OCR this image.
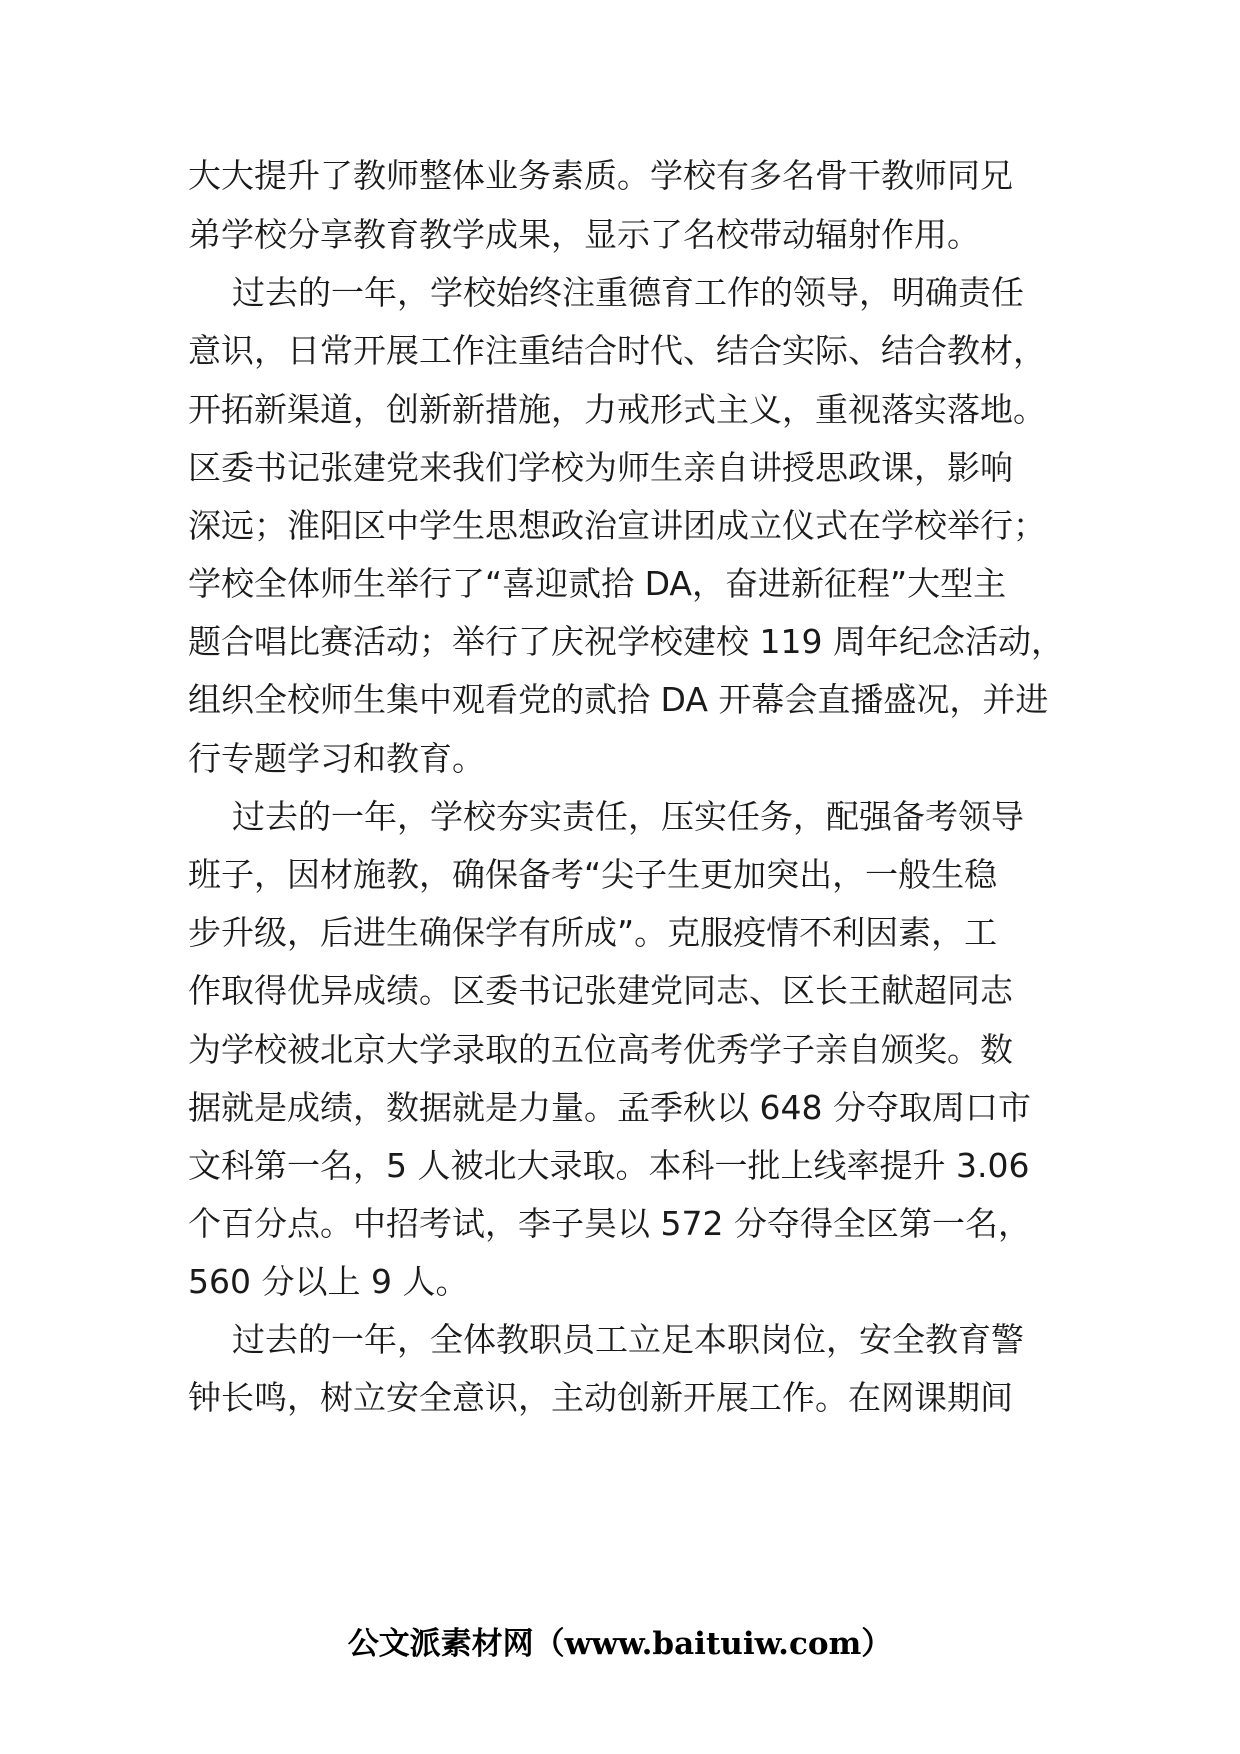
大大提升了教师整体业务素质。学校有多名骨干教师同兄
弟学校分享教育教学成果，显示了名校带动辐射作用。
过去的一年，学校始终注重德育工作的领导，明确责任
意识，日常开展工作注重结合时代、结合实际、结合教材，
开拓新渠道，创新新措施，力戒形式主义，重视落实落地。
区委书记张建党来我们学校为师生亲自讲授思政课，影响
深远；淮阳区中学生思想政治宣讲团成立仪式在学校举行；
学校全体师生举行了“喜迎贰拾 DA，奋进新征程”大型主
题合唱比赛活动；举行了庆祝学校建校 119 周年纪念活动，
组织全校师生集中观看党的贰拾 DA 开幕会直播盛况，并进
行专题学习和教育。
过去的一年，学校夯实责任，压实任务，配强备考领导
班子，因材施教，确保备考“尖子生更加突出，一般生稳
步升级，后进生确保学有所成”。克服疫情不利因素，工
作取得优异成绩。区委书记张建党同志、区长王献超同志
为学校被北京大学录取的五位高考优秀学子亲自颁奖。数
据就是成绩，数据就是力量。孟季秋以 648 分夺取周口市
文科第一名，5 人被北大录取。本科一批上线率提升 3.06
个百分点。中招考试，李子昊以 572 分夺得全区第一名，
560 分以上 9 人。
过去的一年，全体教职员工立足本职岗位，安全教育警
钟长鸣，树立安全意识，主动创新开展工作。在网课期间
公文派素材网（www.baituiw.com）
